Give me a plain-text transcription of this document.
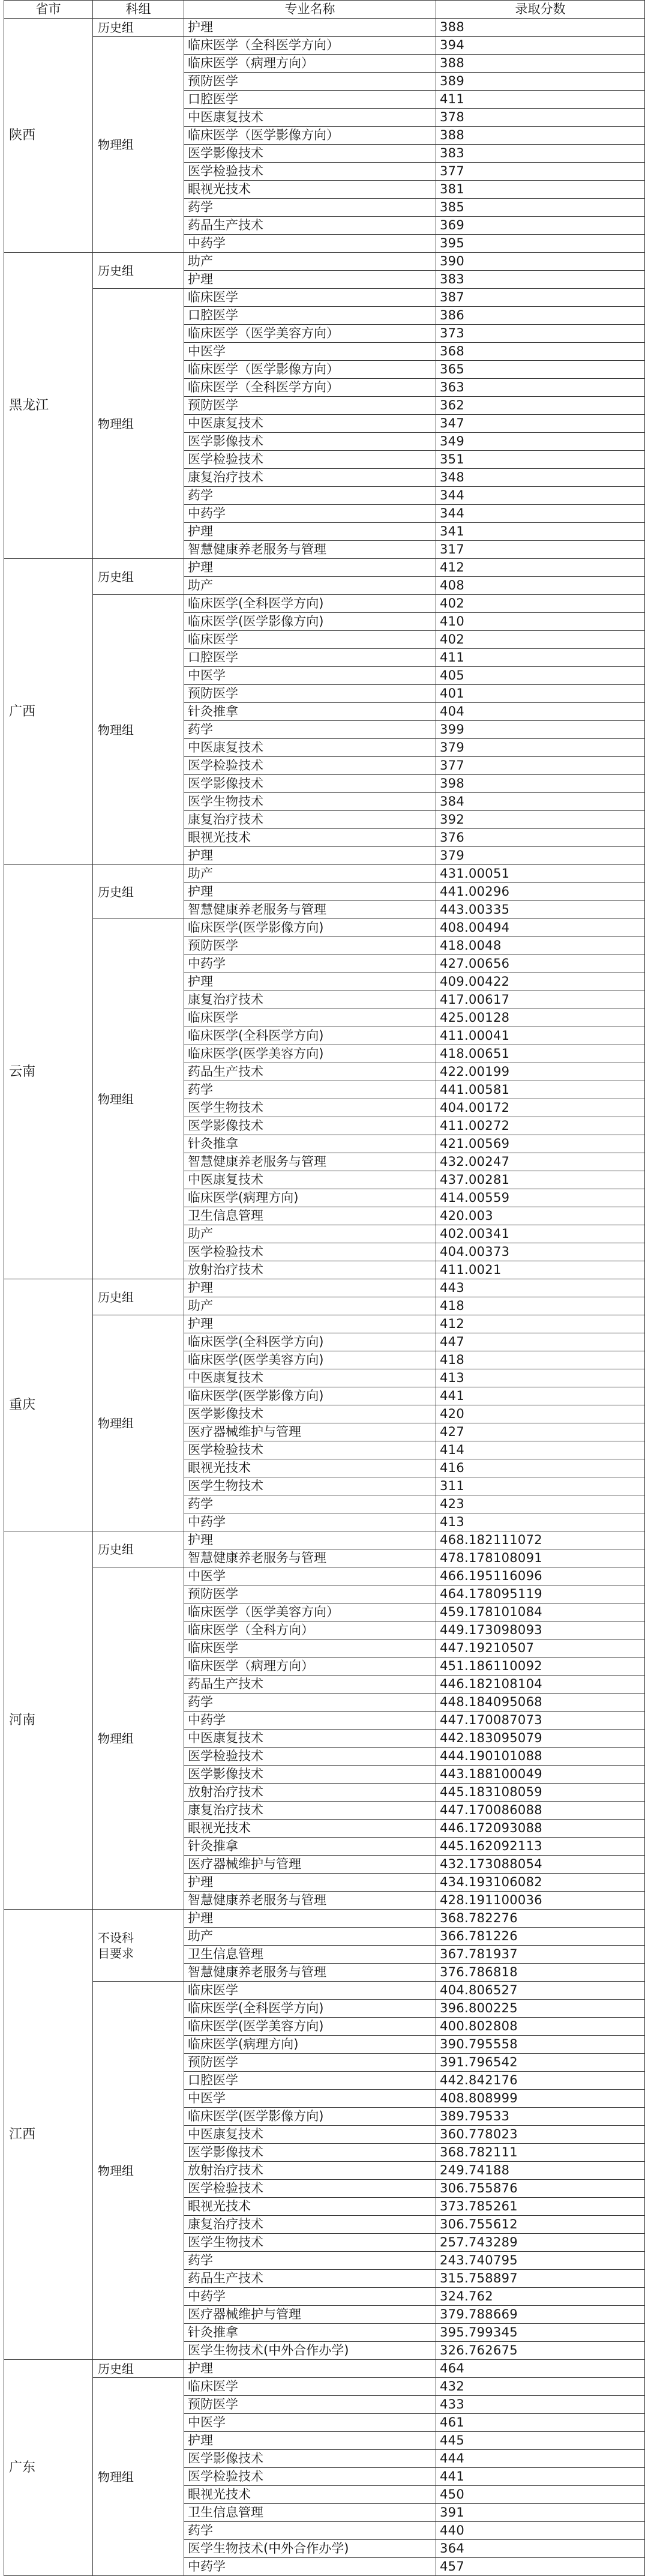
省市	科组	专业名称	录取分数
陕西	历史组	护理	388
	物理组	临床医学（全科医学方向）	394
		临床医学（病理方向）	388
		预防医学	389
		口腔医学	411
		中医康复技术	378
		临床医学（医学影像方向）	388
		医学影像技术	383
		医学检验技术	377
		眼视光技术	381
		药学	385
		药品生产技术	369
		中药学	395
黑龙江	历史组	助产	390
		护理	383
	物理组	临床医学	387
		口腔医学	386
		临床医学（医学美容方向）	373
		中医学	368
		临床医学（医学影像方向）	365
		临床医学（全科医学方向）	363
		预防医学	362
		中医康复技术	347
		医学影像技术	349
		医学检验技术	351
		康复治疗技术	348
		药学	344
		中药学	344
		护理	341
		智慧健康养老服务与管理	317
广西	历史组	护理	412
		助产	408
	物理组	临床医学(全科医学方向)	402
		临床医学(医学影像方向)	410
		临床医学	402
		口腔医学	411
		中医学	405
		预防医学	401
		针灸推拿	404
		药学	399
		中医康复技术	379
		医学检验技术	377
		医学影像技术	398
		医学生物技术	384
		康复治疗技术	392
		眼视光技术	376
		护理	379
云南	历史组	助产	431.00051
		护理	441.00296
		智慧健康养老服务与管理	443.00335
	物理组	临床医学(医学影像方向)	408.00494
		预防医学	418.0048
		中药学	427.00656
		护理	409.00422
		康复治疗技术	417.00617
		临床医学	425.00128
		临床医学(全科医学方向)	411.00041
		临床医学(医学美容方向)	418.00651
		药品生产技术	422.00199
		药学	441.00581
		医学生物技术	404.00172
		医学影像技术	411.00272
		针灸推拿	421.00569
		智慧健康养老服务与管理	432.00247
		中医康复技术	437.00281
		临床医学(病理方向)	414.00559
		卫生信息管理	420.003
		助产	402.00341
		医学检验技术	404.00373
		放射治疗技术	411.0021
重庆	历史组	护理	443
		助产	418
	物理组	护理	412
		临床医学(全科医学方向)	447
		临床医学(医学美容方向)	418
		中医康复技术	413
		临床医学(医学影像方向)	441
		医学影像技术	420
		医疗器械维护与管理	427
		医学检验技术	414
		眼视光技术	416
		医学生物技术	311
		药学	423
		中药学	413
河南	历史组	护理	468.182111072
		智慧健康养老服务与管理	478.178108091
	物理组	中医学	466.195116096
		预防医学	464.178095119
		临床医学（医学美容方向）	459.178101084
		临床医学（全科方向）	449.173098093
		临床医学	447.19210507
		临床医学（病理方向）	451.186110092
		药品生产技术	446.182108104
		药学	448.184095068
		中药学	447.170087073
		中医康复技术	442.183095079
		医学检验技术	444.190101088
		医学影像技术	443.188100049
		放射治疗技术	445.183108059
		康复治疗技术	447.170086088
		眼视光技术	446.172093088
		针灸推拿	445.162092113
		医疗器械维护与管理	432.173088054
		护理	434.193106082
		智慧健康养老服务与管理	428.191100036
江西	不设科目要求	护理	368.782276
		助产	366.781226
		卫生信息管理	367.781937
		智慧健康养老服务与管理	376.786818
	物理组	临床医学	404.806527
		临床医学(全科医学方向)	396.800225
		临床医学(医学美容方向)	400.802808
		临床医学(病理方向)	390.795558
		预防医学	391.796542
		口腔医学	442.842176
		中医学	408.808999
		临床医学(医学影像方向)	389.79533
		中医康复技术	360.778023
		医学影像技术	368.782111
		放射治疗技术	249.74188
		医学检验技术	306.755876
		眼视光技术	373.785261
		康复治疗技术	306.755612
		医学生物技术	257.743289
		药学	243.740795
		药品生产技术	315.758897
		中药学	324.762
		医疗器械维护与管理	379.788669
		针灸推拿	395.799345
		医学生物技术(中外合作办学)	326.762675
广东	历史组	护理	464
	物理组	临床医学	432
		预防医学	433
		中医学	461
		护理	445
		医学影像技术	444
		医学检验技术	441
		眼视光技术	450
		卫生信息管理	391
		药学	440
		医学生物技术(中外合作办学)	364
		中药学	457
